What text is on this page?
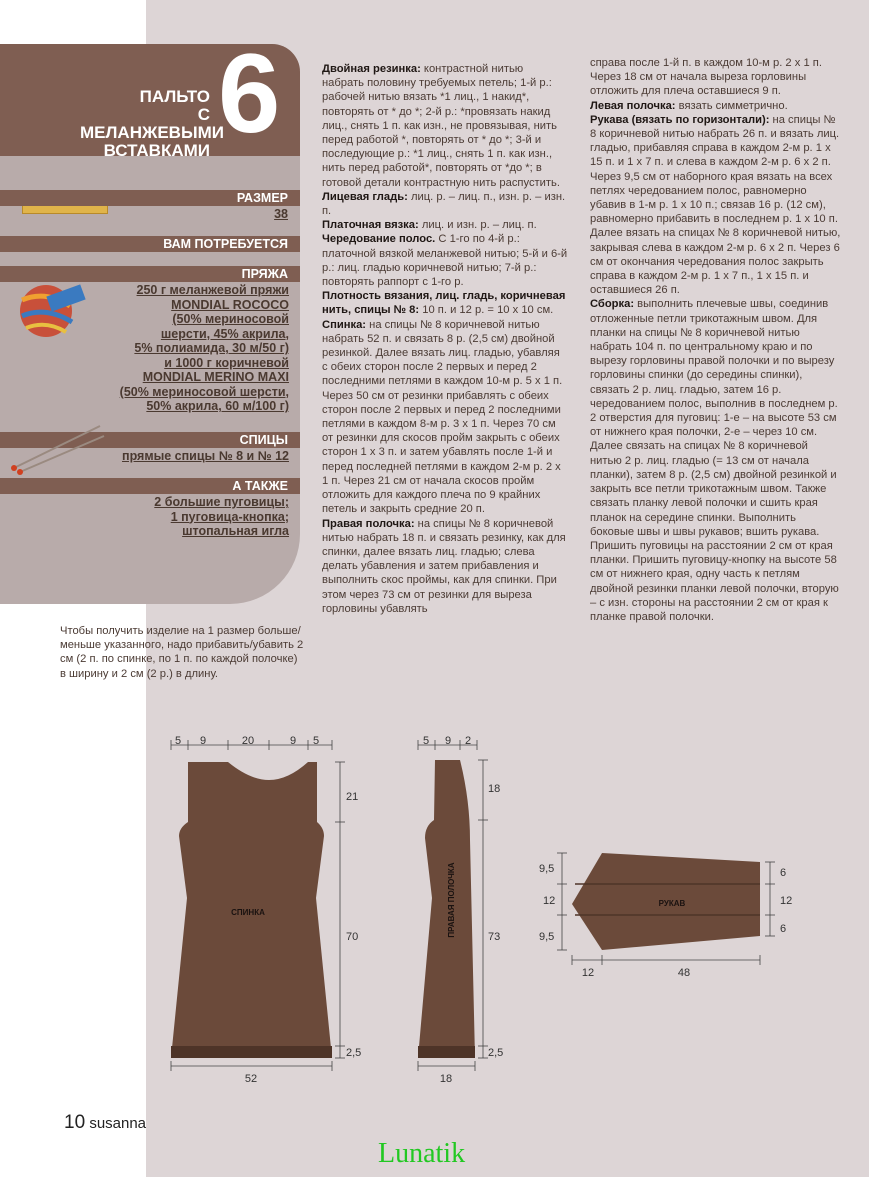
ПАЛЬТО
С МЕЛАНЖЕВЫМИ
ВСТАВКАМИ 6
РАЗМЕР
38
ВАМ ПОТРЕБУЕТСЯ
ПРЯЖА
250 г меланжевой пряжи
MONDIAL ROCOCO
(50% мериносовой
шерсти, 45% акрила,
5% полиамида, 30 м/50 г)
и 1000 г коричневой
MONDIAL MERINO MAXI
(50% мериносовой шерсти,
50% акрила, 60 м/100 г)
СПИЦЫ
прямые спицы № 8 и № 12
А ТАКЖЕ
2 большие пуговицы;
1 пуговица-кнопка;
штопальная игла
5 9	20	9 5
21
70
2,5
52
СПИНКА
5 9 2
18
73
2,5
18
ПРАВАЯ ПОЛОЧКА	9,5
12
9,5
6
12
6
12	48
РУКАВ

Двойная резинка: контрастной нитью набрать половину требуемых петель; 1-й р.: рабочей нитью вязать *1 лиц., 1 накид*, повторять от * до *; 2-й р.: *провязать накид лиц., снять 1 п. как изн., не провязывая, нить перед работой *, повторять от * до *; 3-й и последующие р.: *1 лиц., снять 1 п. как изн., нить перед работой*, повторять от *до *; в готовой детали контрастную нить распустить.

Лицевая гладь: лиц. р. – лиц. п., изн. р. – изн. п.

Платочная вязка: лиц. и изн. р. – лиц. п.

Чередование полос. С 1-го по 4-й р.: платочной вязкой меланжевой нитью; 5-й и 6-й р.: лиц. гладью коричневой нитью; 7-й р.: повторять раппорт с 1-го р.

Плотность вязания, лиц. гладь, коричневая нить, спицы № 8: 10 п. и 12 р. = 10 х 10 см.

Спинка: на спицы № 8 коричневой нитью набрать 52 п. и связать 8 р. (2,5 см) двойной резинкой. Далее вязать лиц. гладью, убавляя с обеих сторон после 2 первых и перед 2 последними петлями в каждом 10-м р. 5 х 1 п. Через 50 см от резинки прибавлять с обеих сторон после 2 первых и перед 2 последними петлями в каждом 8-м р. 3 х 1 п. Через 70 см от резинки для скосов пройм закрыть с обеих сторон 1 х 3 п. и затем убавлять после 1-й и перед последней петлями в каждом 2-м р. 2 х 1 п. Через 21 см от начала скосов пройм отложить для каждого плеча по 9 крайних петель и закрыть средние 20 п.

Правая полочка: на спицы № 8 коричневой нитью набрать 18 п. и связать резинку, как для спинки, далее вязать лиц. гладью; слева делать убавления и затем прибавления и выполнить скос проймы, как для спинки. При этом через 73 см от резинки для выреза горловины убавлять

справа после 1-й п. в каждом 10-м р. 2 х 1 п. Через 18 см от начала выреза горловины отложить для плеча оставшиеся 9 п.

Левая полочка: вязать симметрично.

Рукава (вязать по горизонтали): на спицы № 8 коричневой нитью набрать 26 п. и вязать лиц. гладью, прибавляя справа в каждом 2-м р. 1 х 15 п. и 1 х 7 п. и слева в каждом 2-м р. 6 х 2 п. Через 9,5 см от наборного края вязать на всех петлях чередованием полос, равномерно убавив в 1-м р. 1 х 10 п.; связав 16 р. (12 см), равномерно прибавить в последнем р. 1 х 10 п. Далее вязать на спицах № 8 коричневой нитью, закрывая слева в каждом 2-м р. 6 х 2 п. Через 6 см от окончания чередования полос закрыть справа в каждом 2-м р. 1 х 7 п., 1 х 15 п. и оставшиеся 26 п.

Сборка: выполнить плечевые швы, соединив отложенные петли трикотажным швом. Для планки на спицы № 8 коричневой нитью набрать 104 п. по центральному краю и по вырезу горловины правой полочки и по вырезу горловины спинки (до середины спинки), связать 2 р. лиц. гладью, затем 16 р. чередованием полос, выполнив в последнем р. 2 отверстия для пуговиц: 1-е – на высоте 53 см от нижнего края полочки, 2-е – через 10 см. Далее связать на спицах № 8 коричневой нитью 2 р. лиц. гладью (= 13 см от начала планки), затем 8 р. (2,5 см) двойной резинкой и закрыть все петли трикотажным швом. Также связать планку левой полочки и сшить края планок на середине спинки. Выполнить боковые швы и швы рукавов; вшить рукава. Пришить пуговицы на расстоянии 2 см от края планки. Пришить пуговицу-кнопку на высоте 58 см от нижнего края, одну часть к петлям двойной резинки планки левой полочки, вторую – с изн. стороны на расстоянии 2 см от края к планке правой полочки.

Чтобы получить изделие на 1 размер больше/меньше указанного, надо прибавить/убавить 2 см (2 п. по спинке, по 1 п. по каждой полочке) в ширину и 2 см (2 р.) в длину.
10 susanna
Lunatik
